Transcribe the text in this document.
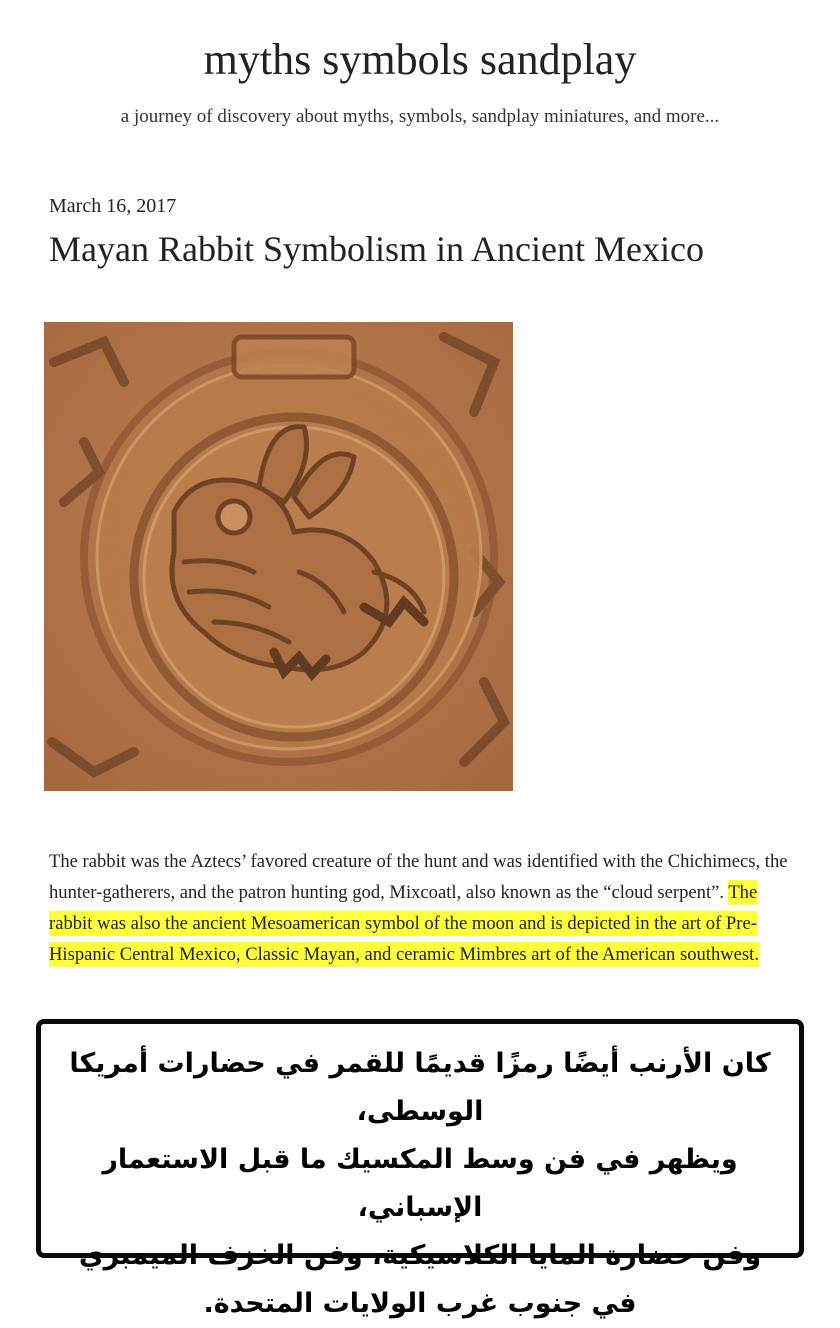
myths symbols sandplay
a journey of discovery about myths, symbols, sandplay miniatures, and more...
March 16, 2017
Mayan Rabbit Symbolism in Ancient Mexico
The rabbit was the Aztecs’ favored creature of the hunt and was identified with the Chichimecs, the hunter-gatherers, and the patron hunting god, Mixcoatl, also known as the “cloud serpent”. The rabbit was also the ancient Mesoamerican symbol of the moon and is depicted in the art of Pre-Hispanic Central Mexico, Classic Mayan, and ceramic Mimbres art of the American southwest.
كان الأرنب أيضًا رمزًا قديمًا للقمر في حضارات أمريكا الوسطى،
ويظهر في فن وسط المكسيك ما قبل الاستعمار الإسباني،
وفن حضارة المايا الكلاسيكية، وفن الخزف الميمبري
في جنوب غرب الولايات المتحدة.
